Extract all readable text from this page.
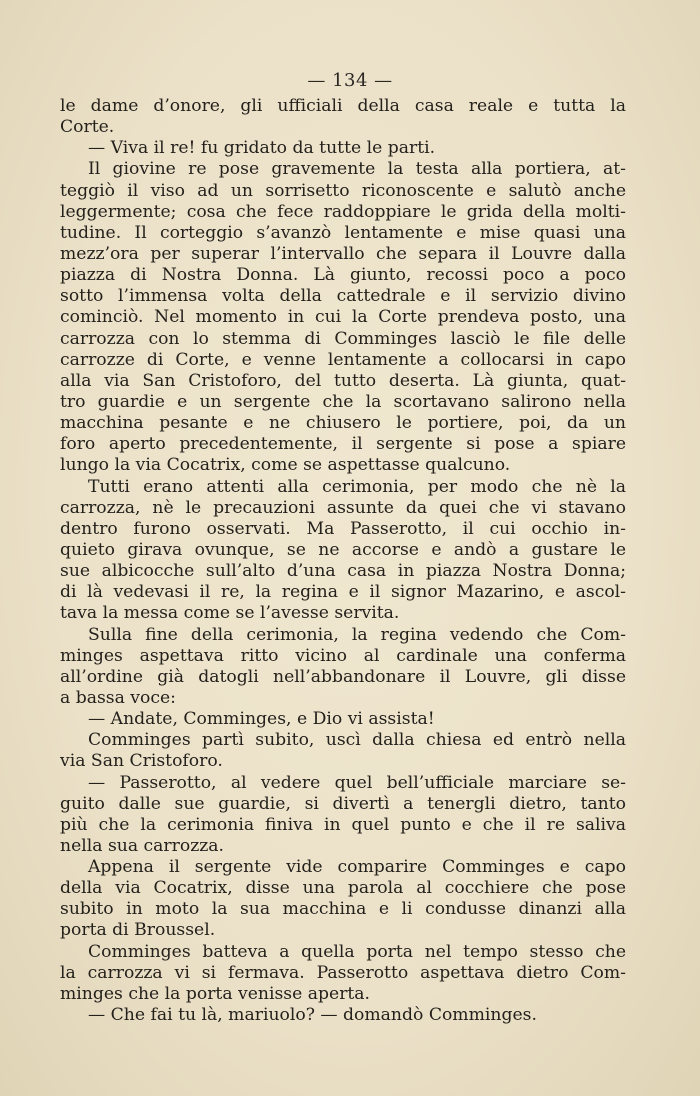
— 134 —
le dame d’onore, gli ufficiali della casa reale e tutta la
Corte.
— Viva il re! fu gridato da tutte le parti.
Il giovine re pose gravemente la testa alla portiera, at-
teggiò il viso ad un sorrisetto riconoscente e salutò anche
leggermente; cosa che fece raddoppiare le grida della molti-
tudine. Il corteggio s’avanzò lentamente e mise quasi una
mezz’ora per superar l’intervallo che separa il Louvre dalla
piazza di Nostra Donna. Là giunto, recossi poco a poco
sotto l’immensa volta della cattedrale e il servizio divino
cominciò. Nel momento in cui la Corte prendeva posto, una
carrozza con lo stemma di Comminges lasciò le file delle
carrozze di Corte, e venne lentamente a collocarsi in capo
alla via San Cristoforo, del tutto deserta. Là giunta, quat-
tro guardie e un sergente che la scortavano salirono nella
macchina pesante e ne chiusero le portiere, poi, da un
foro aperto precedentemente, il sergente si pose a spiare
lungo la via Cocatrix, come se aspettasse qualcuno.
Tutti erano attenti alla cerimonia, per modo che nè la
carrozza, nè le precauzioni assunte da quei che vi stavano
dentro furono osservati. Ma Passerotto, il cui occhio in-
quieto girava ovunque, se ne accorse e andò a gustare le
sue albicocche sull’alto d’una casa in piazza Nostra Donna;
di là vedevasi il re, la regina e il signor Mazarino, e ascol-
tava la messa come se l’avesse servita.
Sulla fine della cerimonia, la regina vedendo che Com-
minges aspettava ritto vicino al cardinale una conferma
all’ordine già datogli nell’abbandonare il Louvre, gli disse
a bassa voce:
— Andate, Comminges, e Dio vi assista!
Comminges partì subito, uscì dalla chiesa ed entrò nella
via San Cristoforo.
— Passerotto, al vedere quel bell’ufficiale marciare se-
guito dalle sue guardie, si divertì a tenergli dietro, tanto
più che la cerimonia finiva in quel punto e che il re saliva
nella sua carrozza.
Appena il sergente vide comparire Comminges e capo
della via Cocatrix, disse una parola al cocchiere che pose
subito in moto la sua macchina e li condusse dinanzi alla
porta di Broussel.
Comminges batteva a quella porta nel tempo stesso che
la carrozza vi si fermava. Passerotto aspettava dietro Com-
minges che la porta venisse aperta.
— Che fai tu là, mariuolo? — domandò Comminges.
